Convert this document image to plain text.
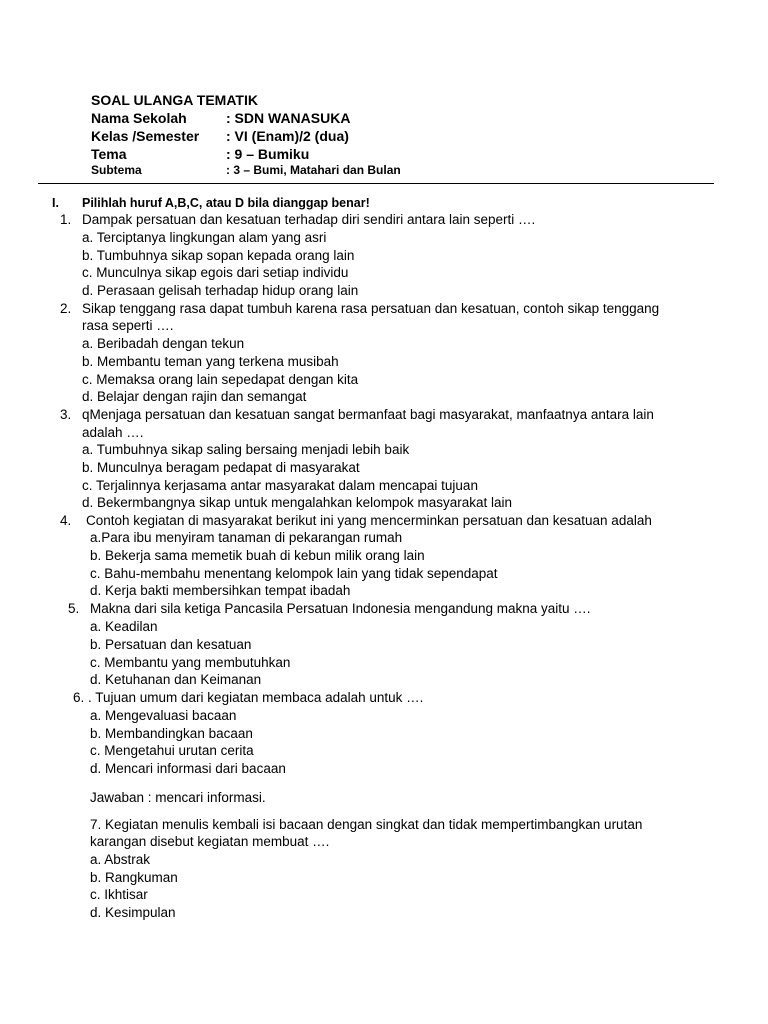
SOAL ULANGA TEMATIK
Nama Sekolah	: SDN WANASUKA
Kelas /Semester : VI (Enam)/2 (dua)
Tema	: 9 – Bumiku
Subtema	: 3 – Bumi, Matahari dan Bulan
I. Pilihlah huruf A,B,C, atau D bila dianggap benar!
1. Dampak persatuan dan kesatuan terhadap diri sendiri antara lain seperti ….
a. Terciptanya lingkungan alam yang asri
b. Tumbuhnya sikap sopan kepada orang lain
c. Munculnya sikap egois dari setiap individu
d. Perasaan gelisah terhadap hidup orang lain
2. Sikap tenggang rasa dapat tumbuh karena rasa persatuan dan kesatuan, contoh sikap tenggang
rasa seperti ….
a. Beribadah dengan tekun
b. Membantu teman yang terkena musibah
c. Memaksa orang lain sepedapat dengan kita
d. Belajar dengan rajin dan semangat
3. qMenjaga persatuan dan kesatuan sangat bermanfaat bagi masyarakat, manfaatnya antara lain
adalah ….
a. Tumbuhnya sikap saling bersaing menjadi lebih baik
b. Munculnya beragam pedapat di masyarakat
c. Terjalinnya kerjasama antar masyarakat dalam mencapai tujuan
d. Bekermbangnya sikap untuk mengalahkan kelompok masyarakat lain
4. Contoh kegiatan di masyarakat berikut ini yang mencerminkan persatuan dan kesatuan adalah
a.Para ibu menyiram tanaman di pekarangan rumah
b. Bekerja sama memetik buah di kebun milik orang lain
c. Bahu-membahu menentang kelompok lain yang tidak sependapat
d. Kerja bakti membersihkan tempat ibadah
5. Makna dari sila ketiga Pancasila Persatuan Indonesia mengandung makna yaitu ….
a. Keadilan
b. Persatuan dan kesatuan
c. Membantu yang membutuhkan
d. Ketuhanan dan Keimanan
6. . Tujuan umum dari kegiatan membaca adalah untuk ….
a. Mengevaluasi bacaan
b. Membandingkan bacaan
c. Mengetahui urutan cerita
d. Mencari informasi dari bacaan
Jawaban : mencari informasi.
7. Kegiatan menulis kembali isi bacaan dengan singkat dan tidak mempertimbangkan urutan
karangan disebut kegiatan membuat ….
a. Abstrak
b. Rangkuman
c. Ikhtisar
d. Kesimpulan
